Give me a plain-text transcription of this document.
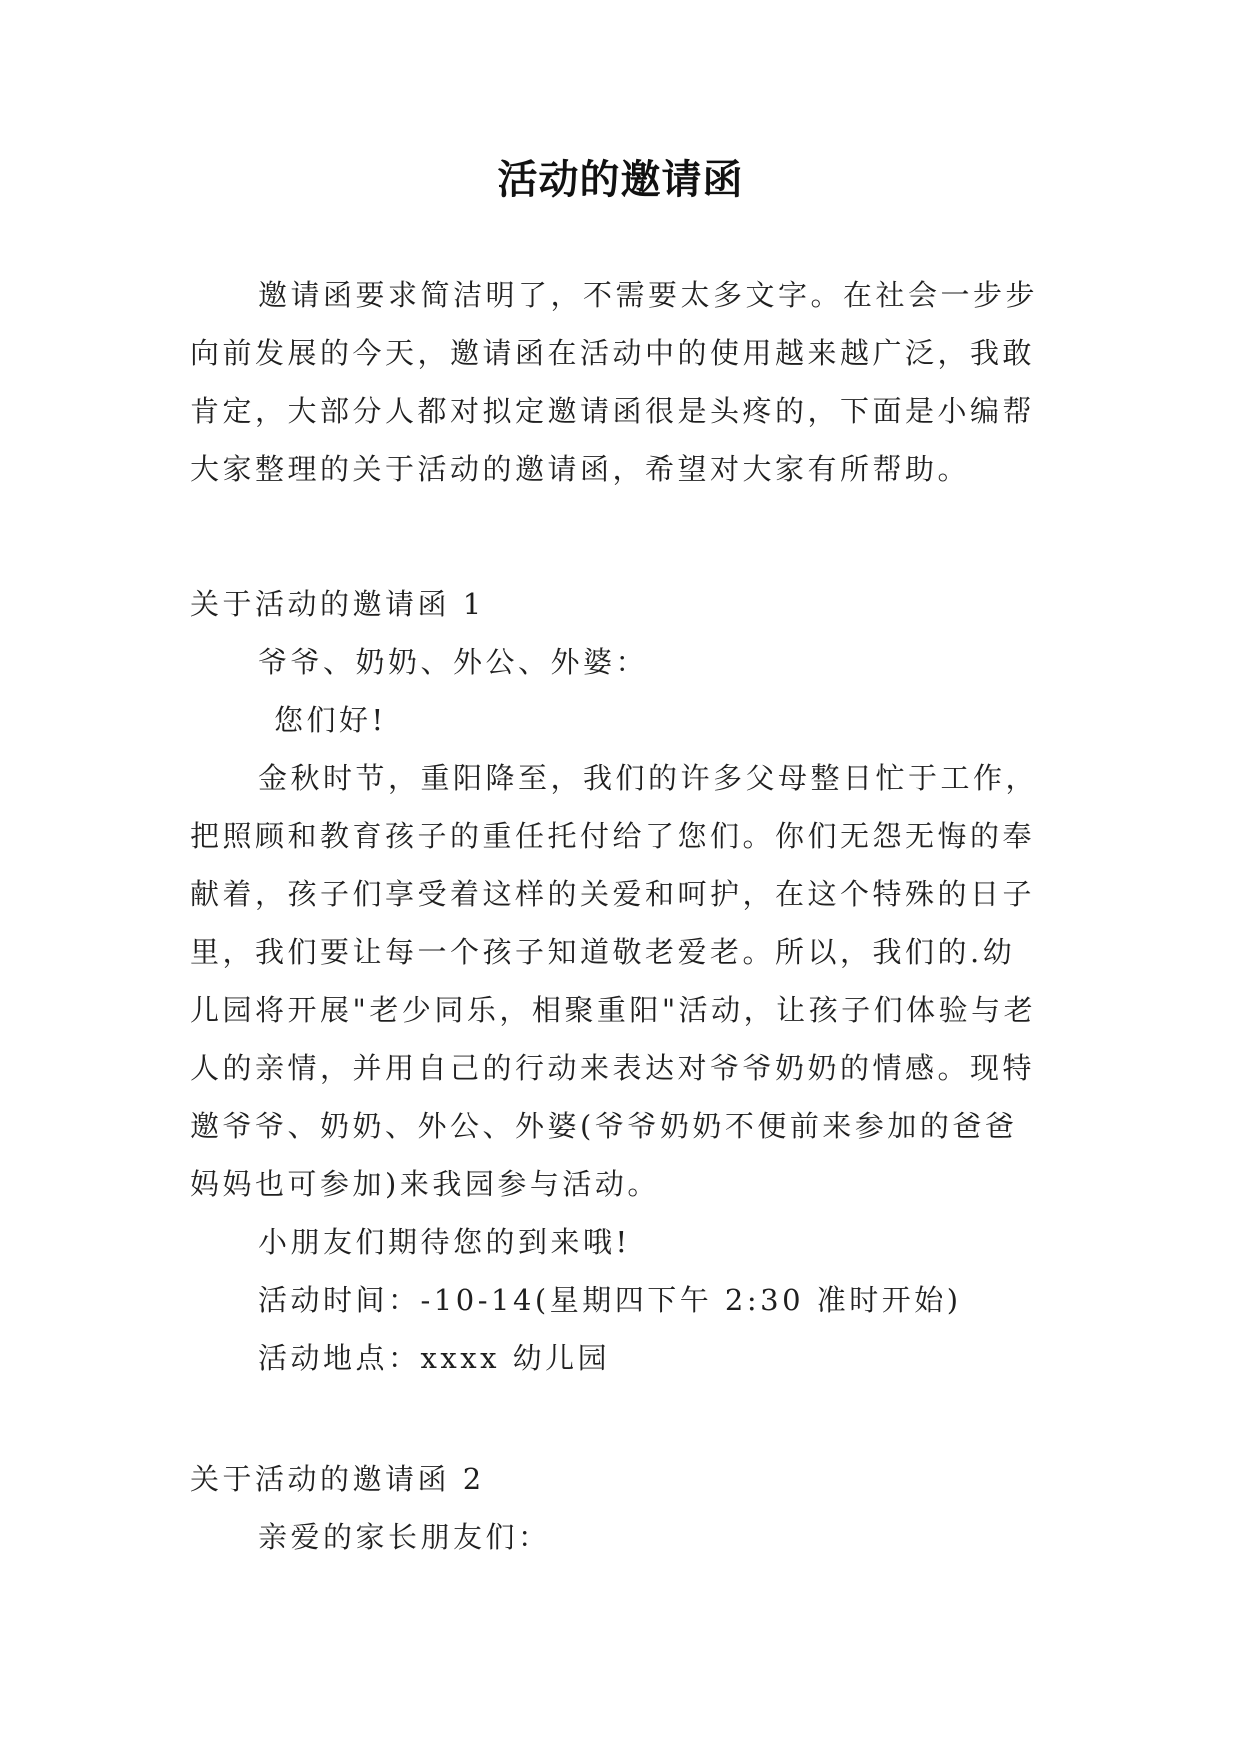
活动的邀请函

邀请函要求简洁明了，不需要太多文字。在社会一步步

向前发展的今天，邀请函在活动中的使用越来越广泛，我敢

肯定，大部分人都对拟定邀请函很是头疼的，下面是小编帮

大家整理的关于活动的邀请函，希望对大家有所帮助。

关于活动的邀请函 1

爷爷、奶奶、外公、外婆：

您们好!

金秋时节，重阳降至，我们的许多父母整日忙于工作，

把照顾和教育孩子的重任托付给了您们。你们无怨无悔的奉

献着，孩子们享受着这样的关爱和呵护，在这个特殊的日子

里，我们要让每一个孩子知道敬老爱老。所以，我们的.幼

儿园将开展"老少同乐，相聚重阳"活动，让孩子们体验与老

人的亲情，并用自己的行动来表达对爷爷奶奶的情感。现特

邀爷爷、奶奶、外公、外婆(爷爷奶奶不便前来参加的爸爸

妈妈也可参加)来我园参与活动。

小朋友们期待您的到来哦!

活动时间：-10-14(星期四下午 2:30 准时开始)

活动地点：xxxx 幼儿园

关于活动的邀请函 2

亲爱的家长朋友们：
